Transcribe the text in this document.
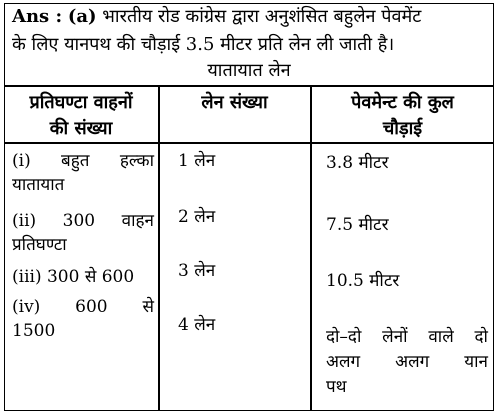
Ans : (a) भारतीय रोड कांग्रेस द्वारा अनुशंसित बहुलेन पेवमेंट
के लिए यानपथ की चौड़ाई 3.5 मीटर प्रति लेन ली जाती है।
यातायात लेन
प्रतिघण्टा वाहनों
की संख्या
लेन संख्या	पेवमेन्ट की कुल
चौड़ाई
(i) बहुत हल्का
यातायात
(ii) 300 वाहन
प्रतिघण्टा
(iii) 300 से 600
(iv) 600 से
1500
1 लेन
2 लेन
3 लेन
4 लेन
3.8 मीटर
7.5 मीटर
10.5 मीटर
दो–दो लेनों वाले दो
अलग अलग यान
पथ
